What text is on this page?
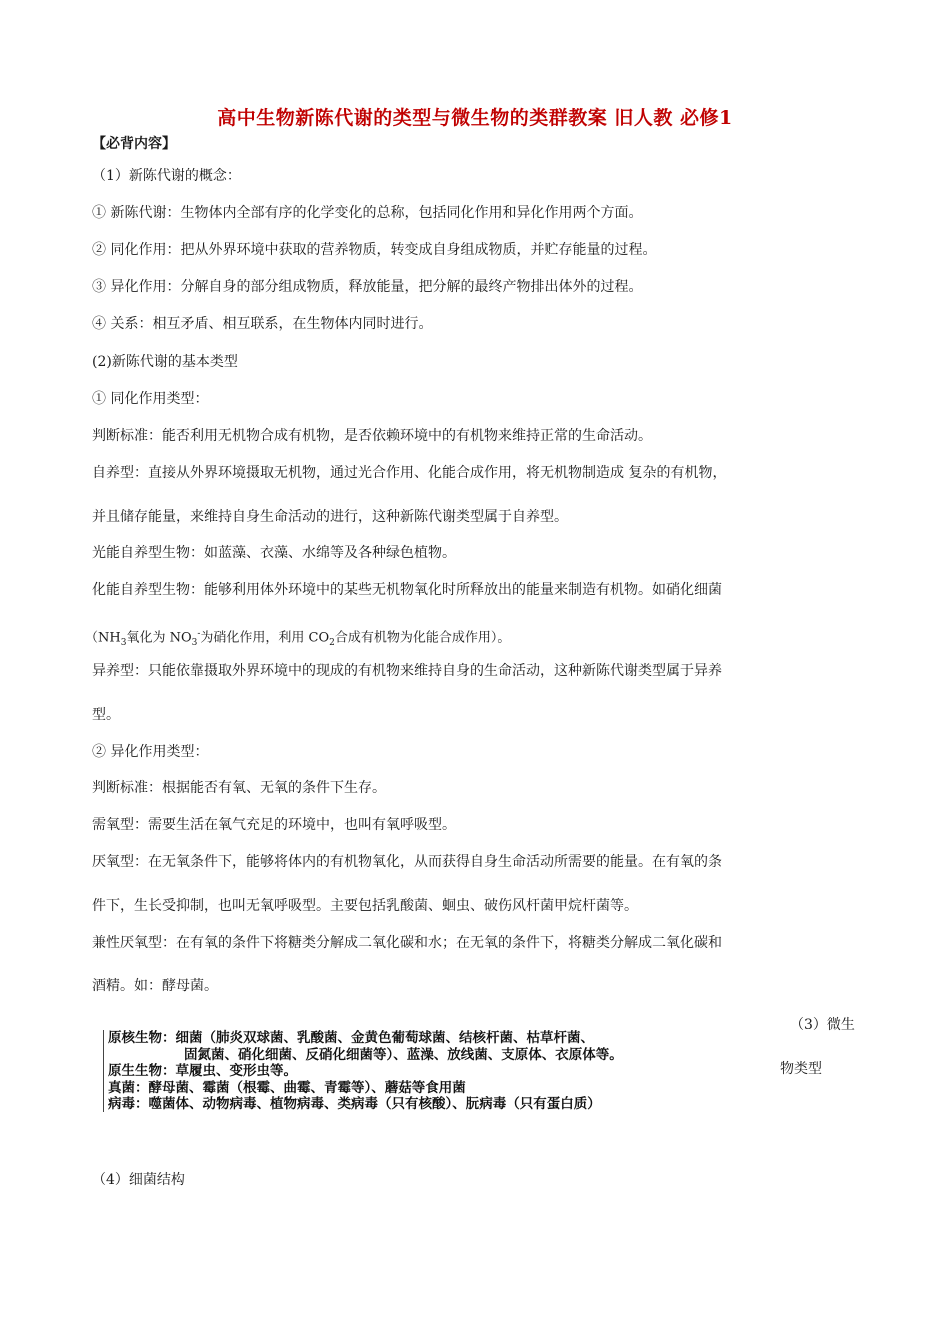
高中生物新陈代谢的类型与微生物的类群教案 旧人教 必修1
【必背内容】
（1）新陈代谢的概念：
① 新陈代谢：生物体内全部有序的化学变化的总称，包括同化作用和异化作用两个方面。
② 同化作用：把从外界环境中获取的营养物质，转变成自身组成物质，并贮存能量的过程。
③ 异化作用：分解自身的部分组成物质，释放能量，把分解的最终产物排出体外的过程。
④ 关系：相互矛盾、相互联系，在生物体内同时进行。
(2)新陈代谢的基本类型
① 同化作用类型：
判断标准：能否利用无机物合成有机物，是否依赖环境中的有机物来维持正常的生命活动。
自养型：直接从外界环境摄取无机物，通过光合作用、化能合成作用，将无机物制造成 复杂的有机物，
并且储存能量，来维持自身生命活动的进行，这种新陈代谢类型属于自养型。
光能自养型生物：如蓝藻、衣藻、水绵等及各种绿色植物。
化能自养型生物：能够利用体外环境中的某些无机物氧化时所释放出的能量来制造有机物。如硝化细菌
（$NH_3$氧化为 $NO_3^-$为硝化作用，利用 $CO_2$合成有机物为化能合成作用）。
异养型：只能依靠摄取外界环境中的现成的有机物来维持自身的生命活动，这种新陈代谢类型属于异养
型。
② 异化作用类型：
判断标准：根据能否有氧、无氧的条件下生存。
需氧型：需要生活在氧气充足的环境中，也叫有氧呼吸型。
厌氧型：在无氧条件下，能够将体内的有机物氧化，从而获得自身生命活动所需要的能量。在有氧的条
件下，生长受抑制，也叫无氧呼吸型。主要包括乳酸菌、蛔虫、破伤风杆菌甲烷杆菌等。
兼性厌氧型：在有氧的条件下将糖类分解成二氧化碳和水；在无氧的条件下，将糖类分解成二氧化碳和
酒精。如：酵母菌。
（3）微生
物类型
原核生物：细菌（肺炎双球菌、乳酸菌、金黄色葡萄球菌、结核杆菌、枯草杆菌、
固氮菌、硝化细菌、反硝化细菌等）、蓝澡、放线菌、支原体、衣原体等。
原生生物：草履虫、变形虫等。
真菌：酵母菌、霉菌（根霉、曲霉、青霉等）、蘑菇等食用菌
病毒：噬菌体、动物病毒、植物病毒、类病毒（只有核酸）、朊病毒（只有蛋白质）
（4）细菌结构
